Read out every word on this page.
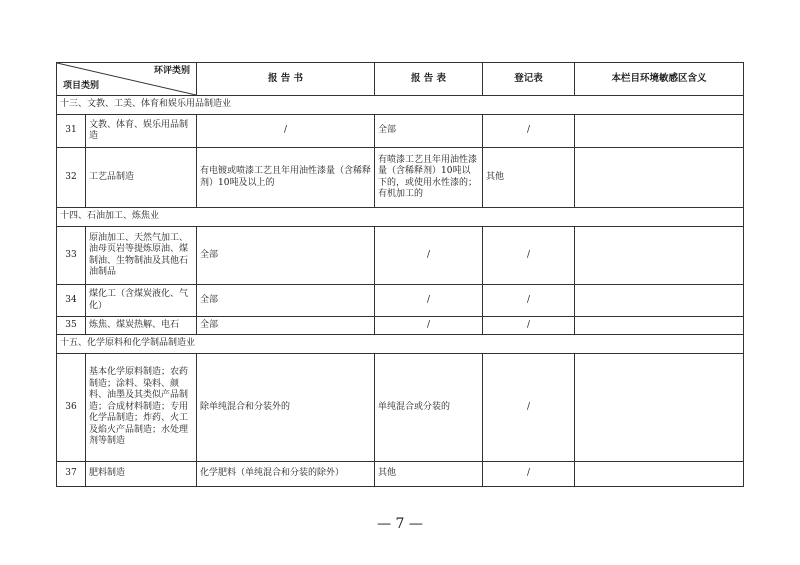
环评类别
项目类别		报 告 书	报 告 表	登记表	本栏目环境敏感区含义
十三、文教、工美、体育和娱乐用品制造业					
31	文教、体育、娱乐用品制造	/	全部	/	
32	工艺品制造	有电镀或喷漆工艺且年用油性漆量（含稀释剂）10吨及以上的	有喷漆工艺且年用油性漆量（含稀释剂）10吨以下的，或使用水性漆的；有机加工的	其他	
十四、石油加工、炼焦业					
33	原油加工、天然气加工、油母页岩等提炼原油、煤制油、生物制油及其他石油制品	全部	/	/	
34	煤化工（含煤炭液化、气化）	全部	/	/	
35	炼焦、煤炭热解、电石	全部	/	/	
十五、化学原料和化学制品制造业					
36	基本化学原料制造；农药制造；涂料、染料、颜料、油墨及其类似产品制造；合成材料制造；专用化学品制造；炸药、火工及焰火产品制造；水处理剂等制造	除单纯混合和分装外的	单纯混合或分装的	/	
37	肥料制造	化学肥料（单纯混合和分装的除外）	其他	/	
— 7 —
